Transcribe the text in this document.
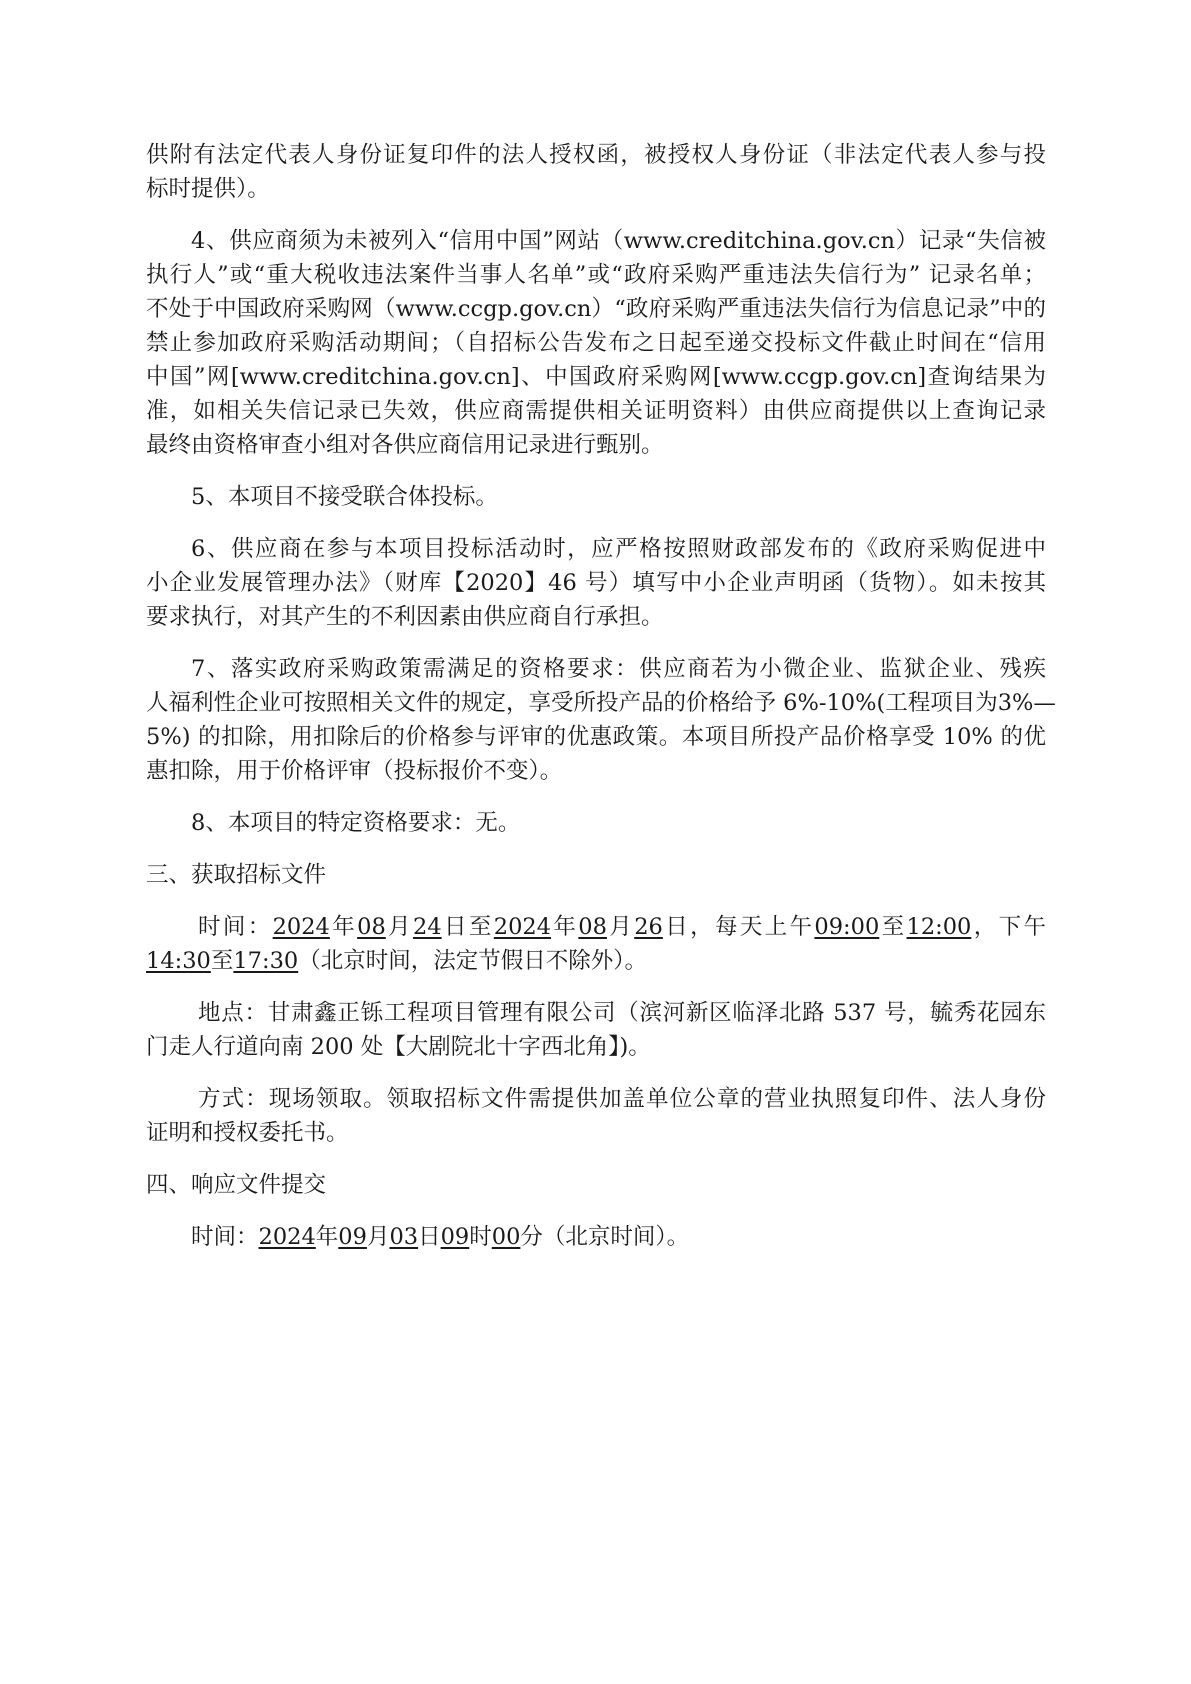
供附有法定代表人身份证复印件的法人授权函，被授权人身份证（非法定代表人参与投
标时提供）。
4、供应商须为未被列入“信用中国”网站（www.creditchina.gov.cn）记录“失信被
执行人”或“重大税收违法案件当事人名单”或“政府采购严重违法失信行为” 记录名单；
不处于中国政府采购网（www.ccgp.gov.cn）“政府采购严重违法失信行为信息记录”中的
禁止参加政府采购活动期间；（自招标公告发布之日起至递交投标文件截止时间在“信用
中国”网[www.creditchina.gov.cn]、中国政府采购网[www.ccgp.gov.cn]查询结果为
准，如相关失信记录已失效，供应商需提供相关证明资料）由供应商提供以上查询记录
最终由资格审查小组对各供应商信用记录进行甄别。
5、本项目不接受联合体投标。
6、供应商在参与本项目投标活动时，应严格按照财政部发布的《政府采购促进中
小企业发展管理办法》（财库【2020】46 号）填写中小企业声明函（货物）。如未按其
要求执行，对其产生的不利因素由供应商自行承担。
7、落实政府采购政策需满足的资格要求：供应商若为小微企业、监狱企业、残疾
人福利性企业可按照相关文件的规定，享受所投产品的价格给予 6%-10%(工程项目为3%—
5%) 的扣除，用扣除后的价格参与评审的优惠政策。本项目所投产品价格享受 10% 的优
惠扣除，用于价格评审（投标报价不变）。
8、本项目的特定资格要求：无。
三、获取招标文件
时间：2024年08月24日至2024年08月26日，每天上午09:00至12:00，下午
14:30至17:30（北京时间，法定节假日不除外）。
地点：甘肃鑫正铄工程项目管理有限公司（滨河新区临泽北路 537 号，毓秀花园东
门走人行道向南 200 处【大剧院北十字西北角】)。
方式：现场领取。领取招标文件需提供加盖单位公章的营业执照复印件、法人身份
证明和授权委托书。
四、响应文件提交
时间：2024年09月03日09时00分（北京时间）。
